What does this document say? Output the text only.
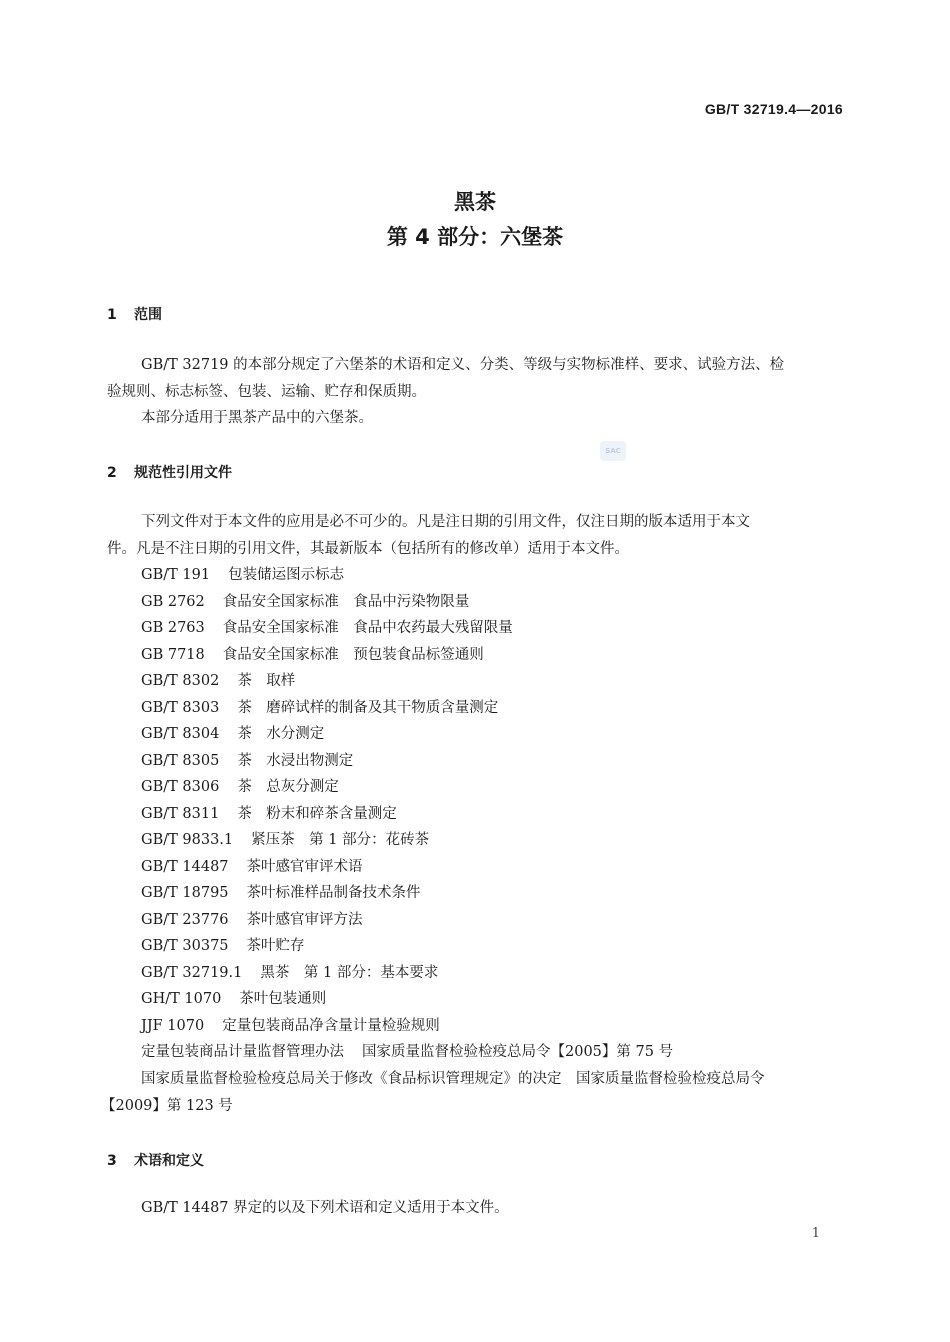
GB/T 32719.4—2016
黑茶
第 4 部分：六堡茶
1 范围
GB/T 32719 的本部分规定了六堡茶的术语和定义、分类、等级与实物标准样、要求、试验方法、检
验规则、标志标签、包装、运输、贮存和保质期。
本部分适用于黑茶产品中的六堡茶。
SAC
2 规范性引用文件
下列文件对于本文件的应用是必不可少的。凡是注日期的引用文件，仅注日期的版本适用于本文
件。凡是不注日期的引用文件，其最新版本（包括所有的修改单）适用于本文件。
GB/T 191 包装储运图示标志
GB 2762 食品安全国家标准　食品中污染物限量
GB 2763 食品安全国家标准　食品中农药最大残留限量
GB 7718 食品安全国家标准　预包装食品标签通则
GB/T 8302 茶　取样
GB/T 8303 茶　磨碎试样的制备及其干物质含量测定
GB/T 8304 茶　水分测定
GB/T 8305 茶　水浸出物测定
GB/T 8306 茶　总灰分测定
GB/T 8311 茶　粉末和碎茶含量测定
GB/T 9833.1 紧压茶　第 1 部分：花砖茶
GB/T 14487 茶叶感官审评术语
GB/T 18795 茶叶标准样品制备技术条件
GB/T 23776 茶叶感官审评方法
GB/T 30375 茶叶贮存
GB/T 32719.1 黑茶　第 1 部分：基本要求
GH/T 1070 茶叶包装通则
JJF 1070 定量包装商品净含量计量检验规则
定量包装商品计量监督管理办法 国家质量监督检验检疫总局令【2005】第 75 号
国家质量监督检验检疫总局关于修改《食品标识管理规定》的决定　国家质量监督检验检疫总局令
【2009】第 123 号
3 术语和定义
GB/T 14487 界定的以及下列术语和定义适用于本文件。
1
